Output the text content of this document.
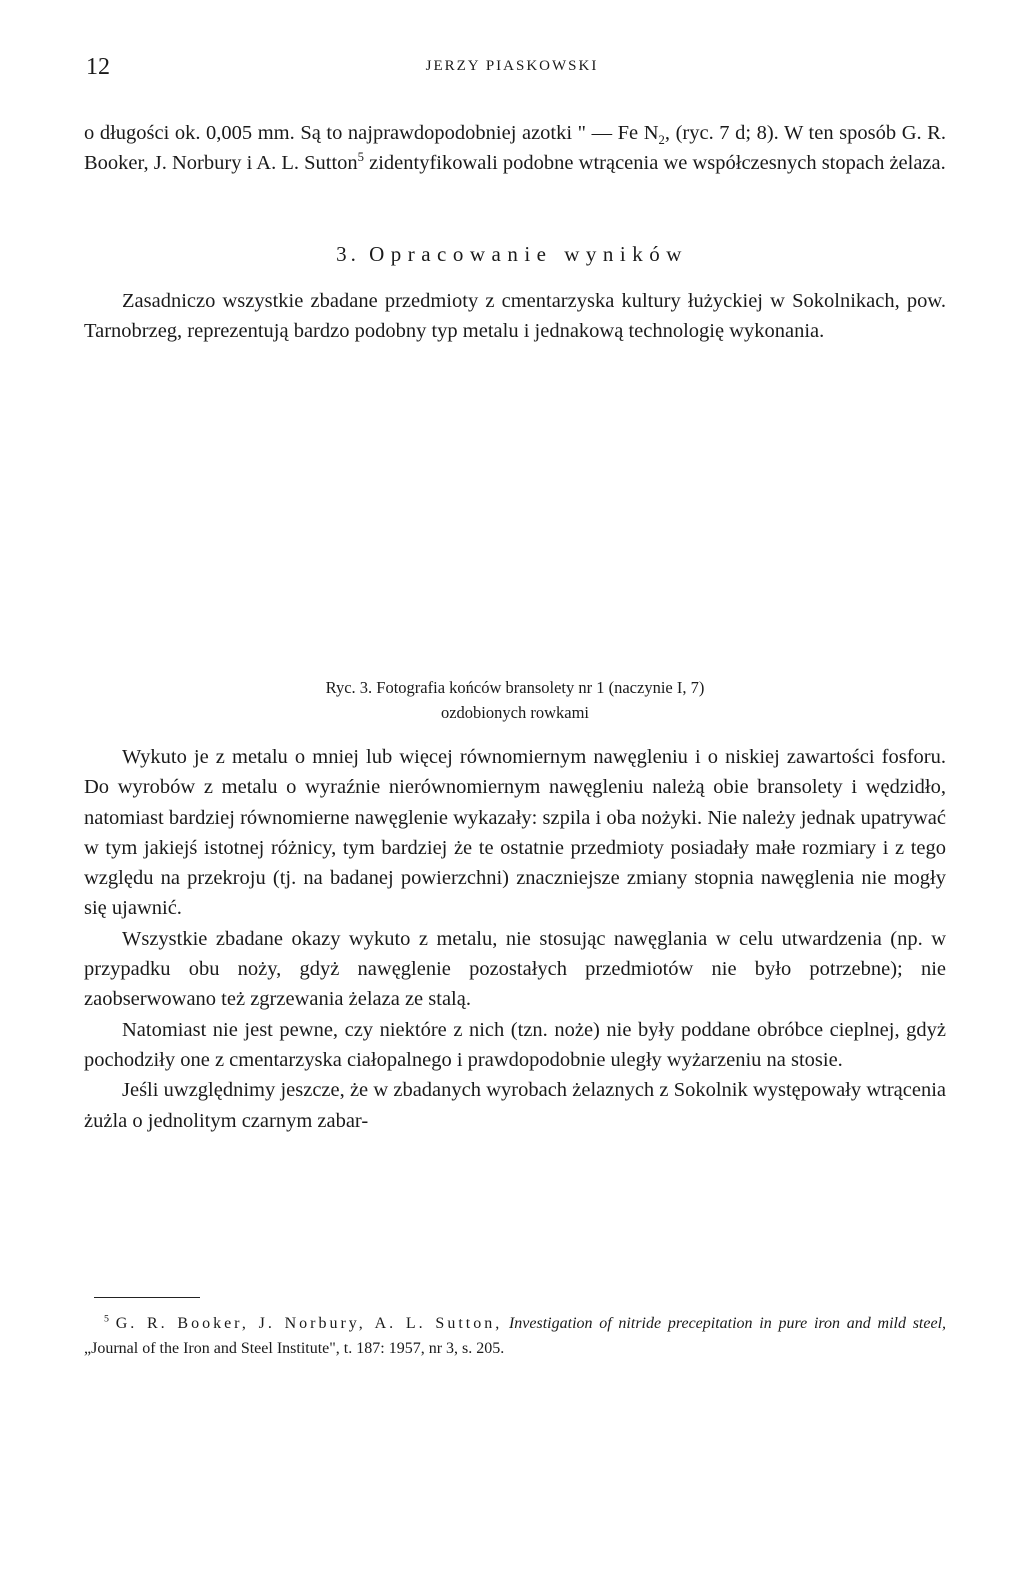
12	JERZY PIASKOWSKI

o długości ok. 0,005 mm. Są to najprawdopodobniej azotki " — Fe $N_2$, (ryc. 7 d; 8). W ten sposób G. R. Booker, J. Norbury i A. L. Sutton$^5$ zidentyfikowali podobne wtrącenia we współczesnych stopach żelaza.

3. Opracowanie wyników

Zasadniczo wszystkie zbadane przedmioty z cmentarzyska kultury łużyckiej w Sokolnikach, pow. Tarnobrzeg, reprezentują bardzo podobny typ metalu i jednakową technologię wykonania.

Ryc. 3. Fotografia końców bransolety nr 1 (naczynie I, 7)
ozdobionych rowkami

Wykuto je z metalu o mniej lub więcej równomiernym nawęgleniu i o niskiej zawartości fosforu. Do wyrobów z metalu o wyraźnie nierównomiernym nawęgleniu należą obie bransolety i wędzidło, natomiast bardziej równomierne nawęglenie wykazały: szpila i oba nożyki. Nie należy jednak upatrywać w tym jakiejś istotnej różnicy, tym bardziej że te ostatnie przedmioty posiadały małe rozmiary i z tego względu na przekroju (tj. na badanej powierzchni) znaczniejsze zmiany stopnia nawęglenia nie mogły się ujawnić.

Wszystkie zbadane okazy wykuto z metalu, nie stosując nawęglania w celu utwardzenia (np. w przypadku obu noży, gdyż nawęglenie pozostałych przedmiotów nie było potrzebne); nie zaobserwowano też zgrzewania żelaza ze stalą.

Natomiast nie jest pewne, czy niektóre z nich (tzn. noże) nie były poddane obróbce cieplnej, gdyż pochodziły one z cmentarzyska ciałopalnego i prawdopodobnie uległy wyżarzeniu na stosie.

Jeśli uwzględnimy jeszcze, że w zbadanych wyrobach żelaznych z Sokolnik występowały wtrącenia żużla o jednolitym czarnym zabar-

$^5$ G. R. Booker, J. Norbury, A. L. Sutton, Investigation of nitride precepitation in pure iron and mild steel, „Journal of the Iron and Steel Institute", t. 187: 1957, nr 3, s. 205.
